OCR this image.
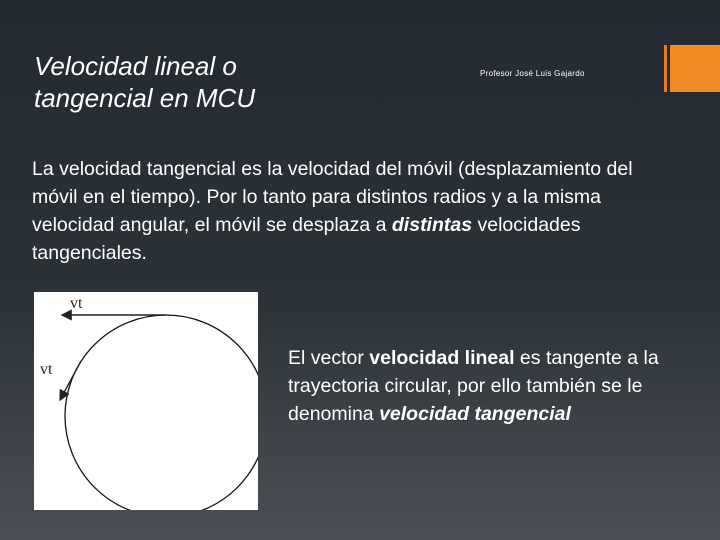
Velocidad lineal o
tangencial en MCU
Profesor José Luis Gajardo

La velocidad tangencial es la velocidad del móvil (desplazamiento del móvil en el tiempo). Por lo tanto para distintos radios y a la misma velocidad angular, el móvil se desplaza a distintas velocidades tangenciales.

vt
vt

El vector velocidad lineal es tangente a la trayectoria circular, por ello también se le denomina velocidad tangencial
